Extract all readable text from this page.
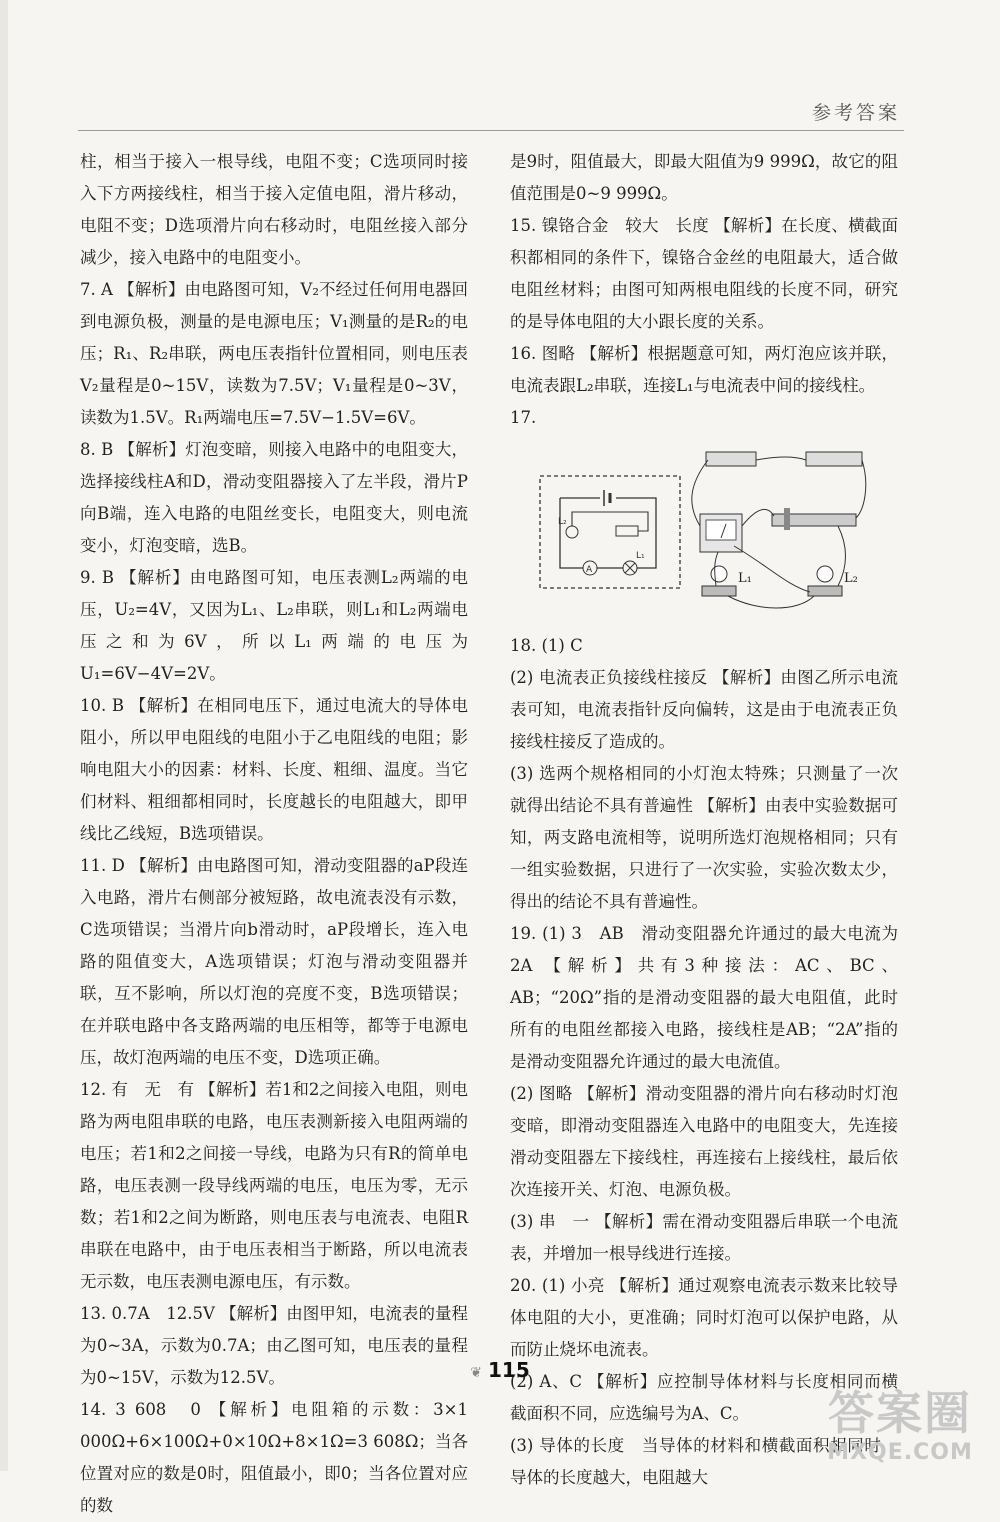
参考答案

柱，相当于接入一根导线，电阻不变；C选项同时接入下方两接线柱，相当于接入定值电阻，滑片移动，电阻不变；D选项滑片向右移动时，电阻丝接入部分减少，接入电路中的电阻变小。

7. A 【解析】由电路图可知，V₂不经过任何用电器回到电源负极，测量的是电源电压；V₁测量的是R₂的电压；R₁、R₂串联，两电压表指针位置相同，则电压表V₂量程是0~15V，读数为7.5V；V₁量程是0~3V，读数为1.5V。R₁两端电压=7.5V−1.5V=6V。

8. B 【解析】灯泡变暗，则接入电路中的电阻变大，选择接线柱A和D，滑动变阻器接入了左半段，滑片P向B端，连入电路的电阻丝变长，电阻变大，则电流变小，灯泡变暗，选B。

9. B 【解析】由电路图可知，电压表测L₂两端的电压，U₂=4V，又因为L₁、L₂串联，则L₁和L₂两端电压之和为6V，所以L₁两端的电压为U₁=6V−4V=2V。

10. B 【解析】在相同电压下，通过电流大的导体电阻小，所以甲电阻线的电阻小于乙电阻线的电阻；影响电阻大小的因素：材料、长度、粗细、温度。当它们材料、粗细都相同时，长度越长的电阻越大，即甲线比乙线短，B选项错误。

11. D 【解析】由电路图可知，滑动变阻器的aP段连入电路，滑片右侧部分被短路，故电流表没有示数，C选项错误；当滑片向b滑动时，aP段增长，连入电路的阻值变大，A选项错误；灯泡与滑动变阻器并联，互不影响，所以灯泡的亮度不变，B选项错误；在并联电路中各支路两端的电压相等，都等于电源电压，故灯泡两端的电压不变，D选项正确。

12. 有　无　有 【解析】若1和2之间接入电阻，则电路为两电阻串联的电路，电压表测新接入电阻两端的电压；若1和2之间接一导线，电路为只有R的简单电路，电压表测一段导线两端的电压，电压为零，无示数；若1和2之间为断路，则电压表与电流表、电阻R串联在电路中，由于电压表相当于断路，所以电流表无示数，电压表测电源电压，有示数。

13. 0.7A　12.5V 【解析】由图甲知，电流表的量程为0~3A，示数为0.7A；由乙图可知，电压表的量程为0~15V，示数为12.5V。

14. 3 608　0 【解析】电阻箱的示数：3×1 000Ω+6×100Ω+0×10Ω+8×1Ω=3 608Ω；当各位置对应的数是0时，阻值最小，即0；当各位置对应的数

是9时，阻值最大，即最大阻值为9 999Ω，故它的阻值范围是0~9 999Ω。

15. 镍铬合金　较大　长度 【解析】在长度、横截面积都相同的条件下，镍铬合金丝的电阻最大，适合做电阻丝材料；由图可知两根电阻线的长度不同，研究的是导体电阻的大小跟长度的关系。

16. 图略 【解析】根据题意可知，两灯泡应该并联，电流表跟L₂串联，连接L₁与电流表中间的接线柱。

17.

L₂
A
L₁
L₁	L₂

18. (1) C

(2) 电流表正负接线柱接反 【解析】由图乙所示电流表可知，电流表指针反向偏转，这是由于电流表正负接线柱接反了造成的。

(3) 选两个规格相同的小灯泡太特殊；只测量了一次就得出结论不具有普遍性 【解析】由表中实验数据可知，两支路电流相等，说明所选灯泡规格相同；只有一组实验数据，只进行了一次实验，实验次数太少，得出的结论不具有普遍性。

19. (1) 3　AB　滑动变阻器允许通过的最大电流为2A 【解析】共有3种接法：AC、BC、AB；“20Ω”指的是滑动变阻器的最大电阻值，此时所有的电阻丝都接入电路，接线柱是AB；“2A”指的是滑动变阻器允许通过的最大电流值。

(2) 图略 【解析】滑动变阻器的滑片向右移动时灯泡变暗，即滑动变阻器连入电路中的电阻变大，先连接滑动变阻器左下接线柱，再连接右上接线柱，最后依次连接开关、灯泡、电源负极。

(3) 串　一 【解析】需在滑动变阻器后串联一个电流表，并增加一根导线进行连接。

20. (1) 小亮 【解析】通过观察电流表示数来比较导体电阻的大小，更准确；同时灯泡可以保护电路，从而防止烧坏电流表。

(2) A、C 【解析】应控制导体材料与长度相同而横截面积不同，应选编号为A、C。

(3) 导体的长度　当导体的材料和横截面积相同时，导体的长度越大，电阻越大

❦ 115
答案圈
MXQE.COM
